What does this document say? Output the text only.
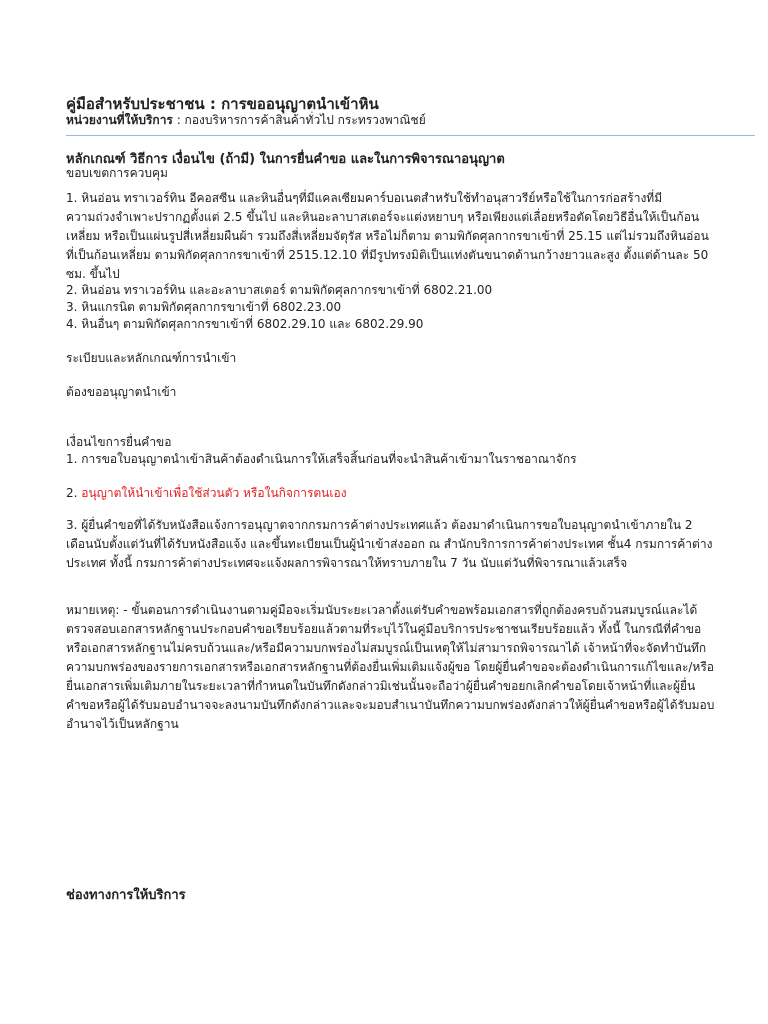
คู่มือสำหรับประชาชน : การขออนุญาตนำเข้าหิน

หน่วยงานที่ให้บริการ : กองบริหารการค้าสินค้าทั่วไป กระทรวงพาณิชย์

หลักเกณฑ์ วิธีการ เงื่อนไข (ถ้ามี) ในการยื่นคำขอ และในการพิจารณาอนุญาต

ขอบเขตการควบคุม

1. หินอ่อน ทราเวอร์ทิน อีคอสซีน และหินอื่นๆที่มีแคลเซียมคาร์บอเนตสำหรับใช้ทำอนุสาวรีย์หรือใช้ในการก่อสร้างที่มีความถ่วงจำเพาะปรากฏตั้งแต่ 2.5 ขึ้นไป และหินอะลาบาสเตอร์จะแต่งหยาบๆ หรือเพียงแต่เลื่อยหรือตัดโดยวิธีอื่นให้เป็นก้อนเหลี่ยม หรือเป็นแผ่นรูปสี่เหลี่ยมผืนผ้า รวมถึงสี่เหลี่ยมจัตุรัส หรือไม่ก็ตาม ตามพิกัดศุลกากรขาเข้าที่ 25.15 แต่ไม่รวมถึงหินอ่อนที่เป็นก้อนเหลี่ยม ตามพิกัดศุลกากรขาเข้าที่ 2515.12.10 ที่มีรูปทรงมิติเป็นแท่งตันขนาดด้านกว้างยาวและสูง ตั้งแต่ด้านละ 50 ซม. ขึ้นไป

2. หินอ่อน ทราเวอร์ทิน และอะลาบาสเตอร์ ตามพิกัดศุลกากรขาเข้าที่ 6802.21.00

3. หินแกรนิต ตามพิกัดศุลกากรขาเข้าที่ 6802.23.00

4. หินอื่นๆ ตามพิกัดศุลกากรขาเข้าที่ 6802.29.10 และ 6802.29.90

ระเบียบและหลักเกณฑ์การนำเข้า

ต้องขออนุญาตนำเข้า

เงื่อนไขการยื่นคำขอ

1. การขอใบอนุญาตนำเข้าสินค้าต้องดำเนินการให้เสร็จสิ้นก่อนที่จะนำสินค้าเข้ามาในราชอาณาจักร

2. อนุญาตให้นำเข้าเพื่อใช้ส่วนตัว หรือในกิจการตนเอง

3. ผู้ยื่นคำขอที่ได้รับหนังสือแจ้งการอนุญาตจากกรมการค้าต่างประเทศแล้ว ต้องมาดำเนินการขอใบอนุญาตนำเข้าภายใน 2 เดือนนับตั้งแต่วันที่ได้รับหนังสือแจ้ง และขึ้นทะเบียนเป็นผู้นำเข้าส่งออก ณ สำนักบริการการค้าต่างประเทศ ชั้น4 กรมการค้าต่างประเทศ ทั้งนี้ กรมการค้าต่างประเทศจะแจ้งผลการพิจารณาให้ทราบภายใน 7 วัน นับแต่วันที่พิจารณาแล้วเสร็จ

หมายเหตุ: - ขั้นตอนการดำเนินงานตามคู่มือจะเริ่มนับระยะเวลาตั้งแต่รับคำขอพร้อมเอกสารที่ถูกต้องครบถ้วนสมบูรณ์และได้ตรวจสอบเอกสารหลักฐานประกอบคำขอเรียบร้อยแล้วตามที่ระบุไว้ในคู่มือบริการประชาชนเรียบร้อยแล้ว ทั้งนี้ ในกรณีที่คำขอหรือเอกสารหลักฐานไม่ครบถ้วนและ/หรือมีความบกพร่องไม่สมบูรณ์เป็นเหตุให้ไม่สามารถพิจารณาได้ เจ้าหน้าที่จะจัดทำบันทึกความบกพร่องของรายการเอกสารหรือเอกสารหลักฐานที่ต้องยื่นเพิ่มเติมแจ้งผู้ขอ โดยผู้ยื่นคำขอจะต้องดำเนินการแก้ไขและ/หรือยื่นเอกสารเพิ่มเติมภายในระยะเวลาที่กำหนดในบันทึกดังกล่าวมิเช่นนั้นจะถือว่าผู้ยื่นคำขอยกเลิกคำขอโดยเจ้าหน้าที่และผู้ยื่นคำขอหรือผู้ได้รับมอบอำนาจจะลงนามบันทึกดังกล่าวและจะมอบสำเนาบันทึกความบกพร่องดังกล่าวให้ผู้ยื่นคำขอหรือผู้ได้รับมอบอำนาจไว้เป็นหลักฐาน

ช่องทางการให้บริการ
